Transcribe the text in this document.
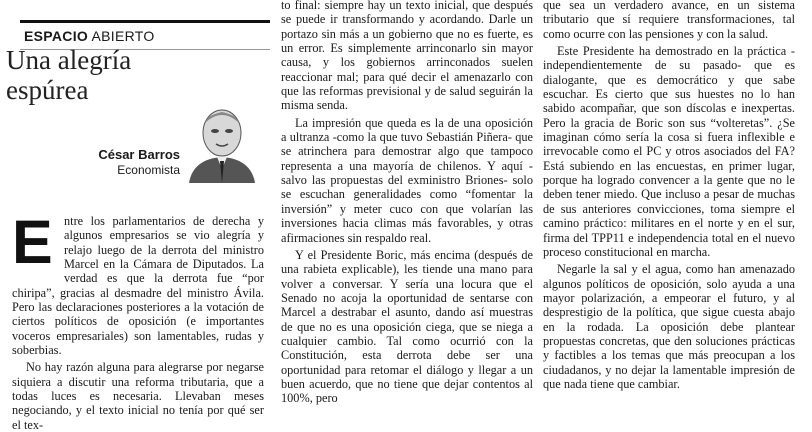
ESPACIO ABIERTO
Una alegría espúrea
César Barros
Economista

Entre los parlamentarios de derecha y algunos empresarios se vio alegría y relajo luego de la derrota del ministro Marcel en la Cámara de Diputados. La verdad es que la derrota fue “por chiripa”, gracias al desmadre del ministro Ávila. Pero las declaraciones posteriores a la votación de ciertos políticos de oposición (e importantes voceros empresariales) son lamentables, rudas y soberbias.

No hay razón alguna para alegrarse por negarse siquiera a discutir una reforma tributaria, que a todas luces es necesaria. Llevaban meses negociando, y el texto inicial no tenía por qué ser el tex-

to final: siempre hay un texto inicial, que después se puede ir transformando y acordando. Darle un portazo sin más a un gobierno que no es fuerte, es un error. Es simplemente arrinconarlo sin mayor causa, y los gobiernos arrinconados suelen reaccionar mal; para qué decir el amenazarlo con que las reformas previsional y de salud seguirán la misma senda.

La impresión que queda es la de una oposición a ultranza -como la que tuvo Sebastián Piñera- que se atrinchera para demostrar algo que tampoco representa a una mayoría de chilenos. Y aquí -salvo las propuestas del exministro Briones- solo se escuchan generalidades como “fomentar la inversión” y meter cuco con que volarían las inversiones hacia climas más favorables, y otras afirmaciones sin respaldo real.

Y el Presidente Boric, más encima (después de una rabieta explicable), les tiende una mano para volver a conversar. Y sería una locura que el Senado no acoja la oportunidad de sentarse con Marcel a destrabar el asunto, dando así muestras de que no es una oposición ciega, que se niega a cualquier cambio. Tal como ocurrió con la Constitución, esta derrota debe ser una oportunidad para retomar el diálogo y llegar a un buen acuerdo, que no tiene que dejar contentos al 100%, pero

que sea un verdadero avance, en un sistema tributario que sí requiere transformaciones, tal como ocurre con las pensiones y con la salud.

Este Presidente ha demostrado en la práctica -independientemente de su pasado- que es dialogante, que es democrático y que sabe escuchar. Es cierto que sus huestes no lo han sabido acompañar, que son díscolas e inexpertas. Pero la gracia de Boric son sus “volteretas”. ¿Se imaginan cómo sería la cosa si fuera inflexible e irrevocable como el PC y otros asociados del FA? Está subiendo en las encuestas, en primer lugar, porque ha logrado convencer a la gente que no le deben tener miedo. Que incluso a pesar de muchas de sus anteriores convicciones, toma siempre el camino práctico: militares en el norte y en el sur, firma del TPP11 e independencia total en el nuevo proceso constitucional en marcha.

Negarle la sal y el agua, como han amenazado algunos políticos de oposición, solo ayuda a una mayor polarización, a empeorar el futuro, y al desprestigio de la política, que sigue cuesta abajo en la rodada. La oposición debe plantear propuestas concretas, que den soluciones prácticas y factibles a los temas que más preocupan a los ciudadanos, y no dejar la lamentable impresión de que nada tiene que cambiar.
